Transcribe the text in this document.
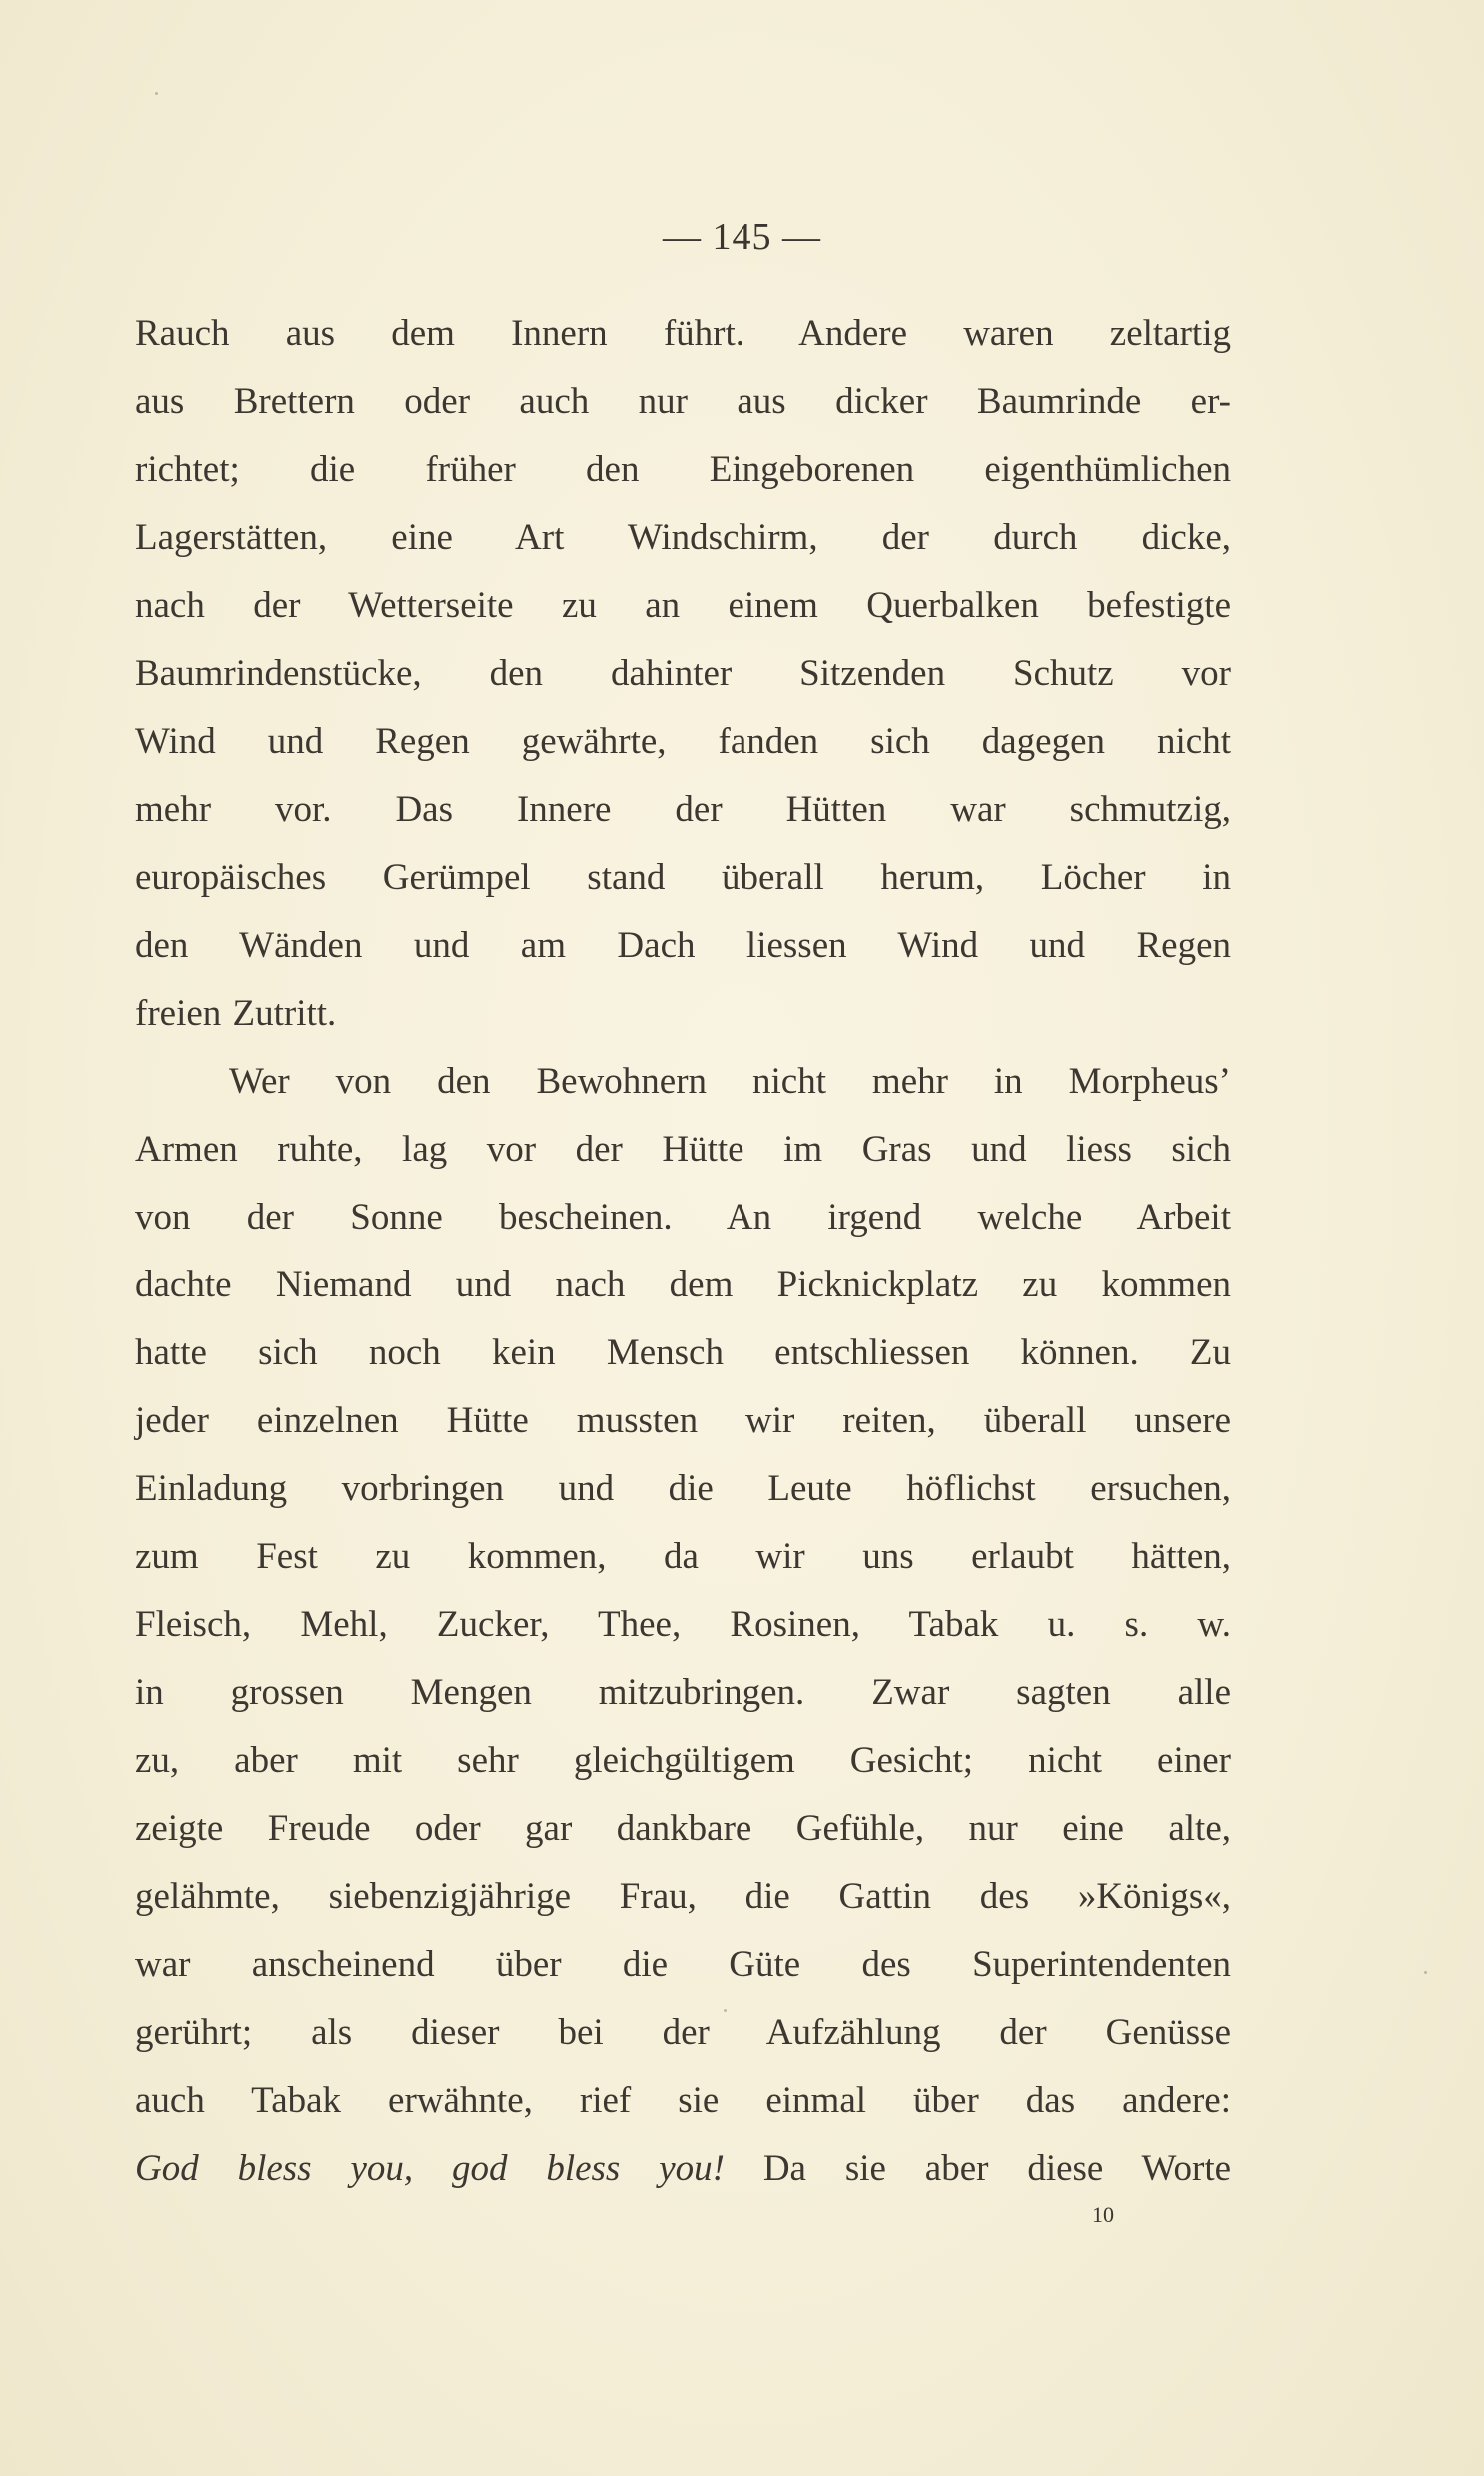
— 145 —
Rauch aus dem Innern führt. Andere waren zeltartig
aus Brettern oder auch nur aus dicker Baumrinde er-
richtet; die früher den Eingeborenen eigenthümlichen
Lagerstätten, eine Art Windschirm, der durch dicke,
nach der Wetterseite zu an einem Querbalken befestigte
Baumrindenstücke, den dahinter Sitzenden Schutz vor
Wind und Regen gewährte, fanden sich dagegen nicht
mehr vor. Das Innere der Hütten war schmutzig,
europäisches Gerümpel stand überall herum, Löcher in
den Wänden und am Dach liessen Wind und Regen
freien Zutritt.
Wer von den Bewohnern nicht mehr in Morpheus’
Armen ruhte, lag vor der Hütte im Gras und liess sich
von der Sonne bescheinen. An irgend welche Arbeit
dachte Niemand und nach dem Picknickplatz zu kommen
hatte sich noch kein Mensch entschliessen können. Zu
jeder einzelnen Hütte mussten wir reiten, überall unsere
Einladung vorbringen und die Leute höflichst ersuchen,
zum Fest zu kommen, da wir uns erlaubt hätten,
Fleisch, Mehl, Zucker, Thee, Rosinen, Tabak u. s. w.
in grossen Mengen mitzubringen. Zwar sagten alle
zu, aber mit sehr gleichgültigem Gesicht; nicht einer
zeigte Freude oder gar dankbare Gefühle, nur eine alte,
gelähmte, siebenzigjährige Frau, die Gattin des »Königs«,
war anscheinend über die Güte des Superintendenten
gerührt; als dieser bei der Aufzählung der Genüsse
auch Tabak erwähnte, rief sie einmal über das andere:
God bless you, god bless you! Da sie aber diese Worte
10
